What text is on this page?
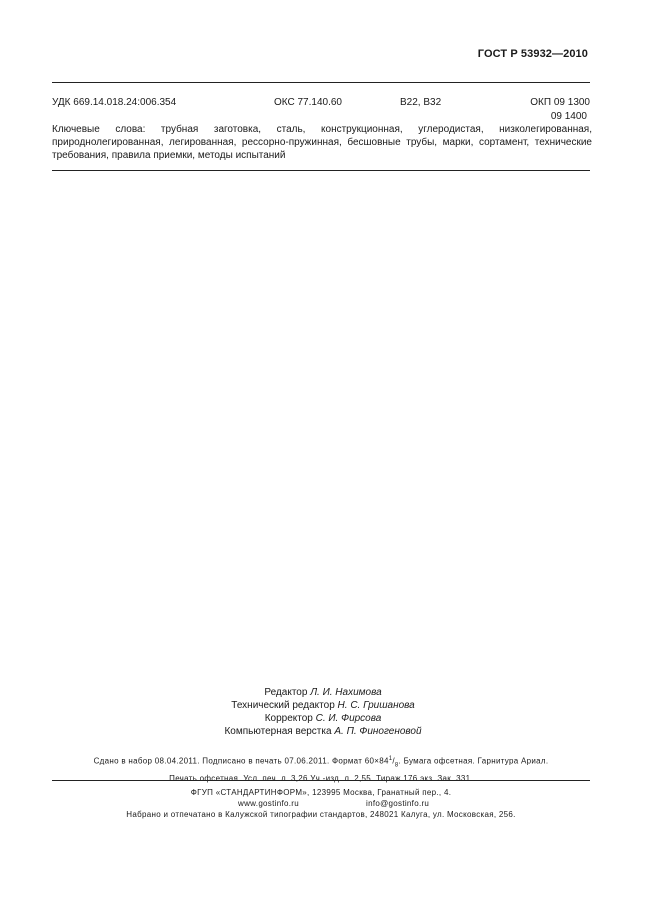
ГОСТ Р 53932—2010
УДК 669.14.018.24:006.354	ОКС 77.140.60	В22, В32	ОКП 09 1300
09 1400
Ключевые слова: трубная заготовка, сталь, конструкционная, углеродистая, низколегированная, природнолегированная, легированная, рессорно-пружинная, бесшовные трубы, марки, сортамент, технические требования, правила приемки, методы испытаний
Редактор Л. И. Нахимова
Технический редактор Н. С. Гришанова
Корректор С. И. Фирсова
Компьютерная верстка А. П. Финогеновой
Сдано в набор 08.04.2011. Подписано в печать 07.06.2011. Формат $60\times 84^1/_8$. Бумага офсетная. Гарнитура Ариал.
Печать офсетная. Усл. печ. л. 3,26 Уч.-изд. л. 2,55. Тираж 176 экз. Зак. 331.
ФГУП «СТАНДАРТИНФОРМ», 123995 Москва, Гранатный пер., 4.
www.gostinfo.ru	info@gostinfo.ru
Набрано и отпечатано в Калужской типографии стандартов, 248021 Калуга, ул. Московская, 256.
